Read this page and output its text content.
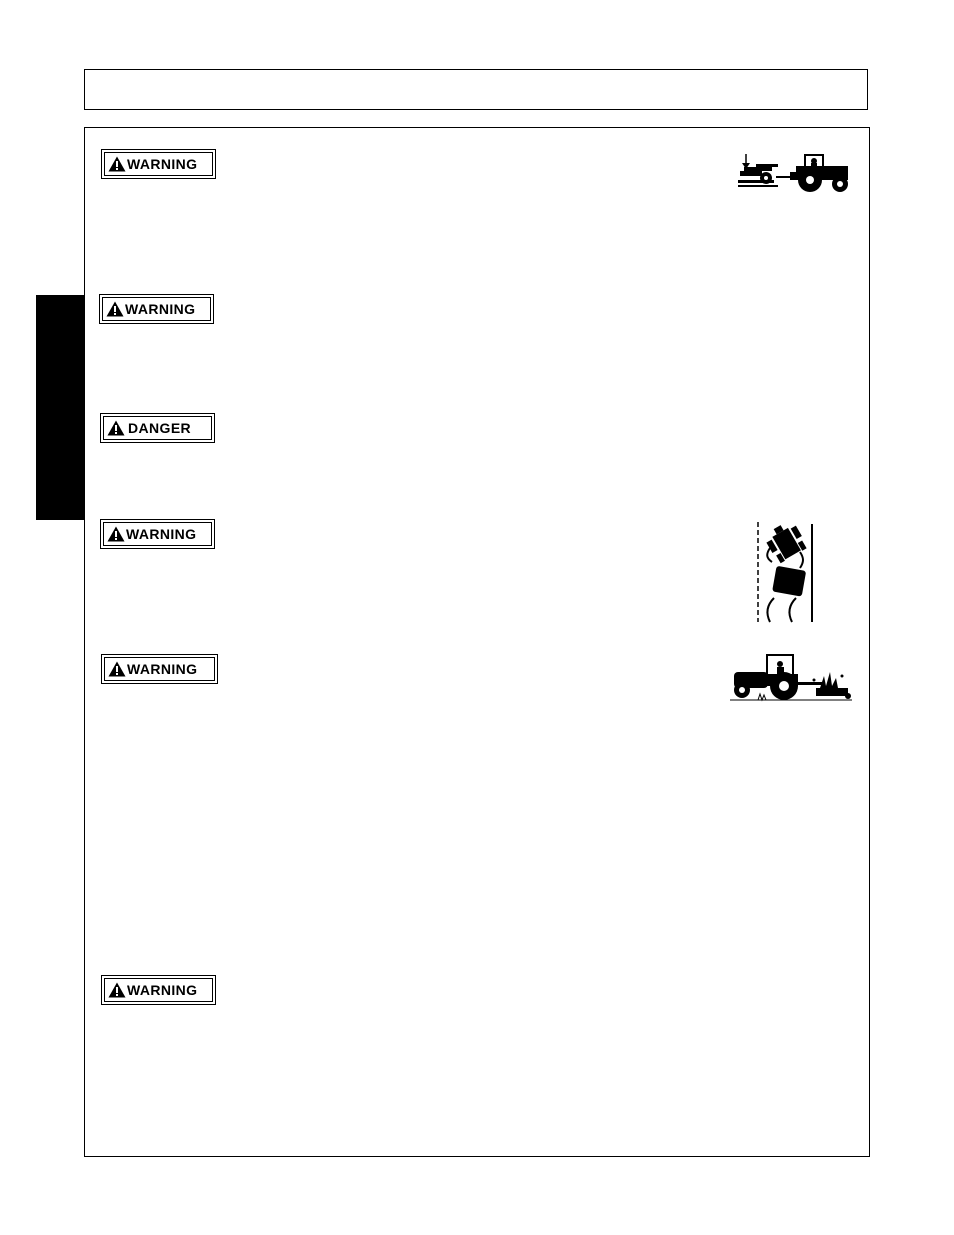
WARNING
WARNING
DANGER
WARNING
WARNING
WARNING
